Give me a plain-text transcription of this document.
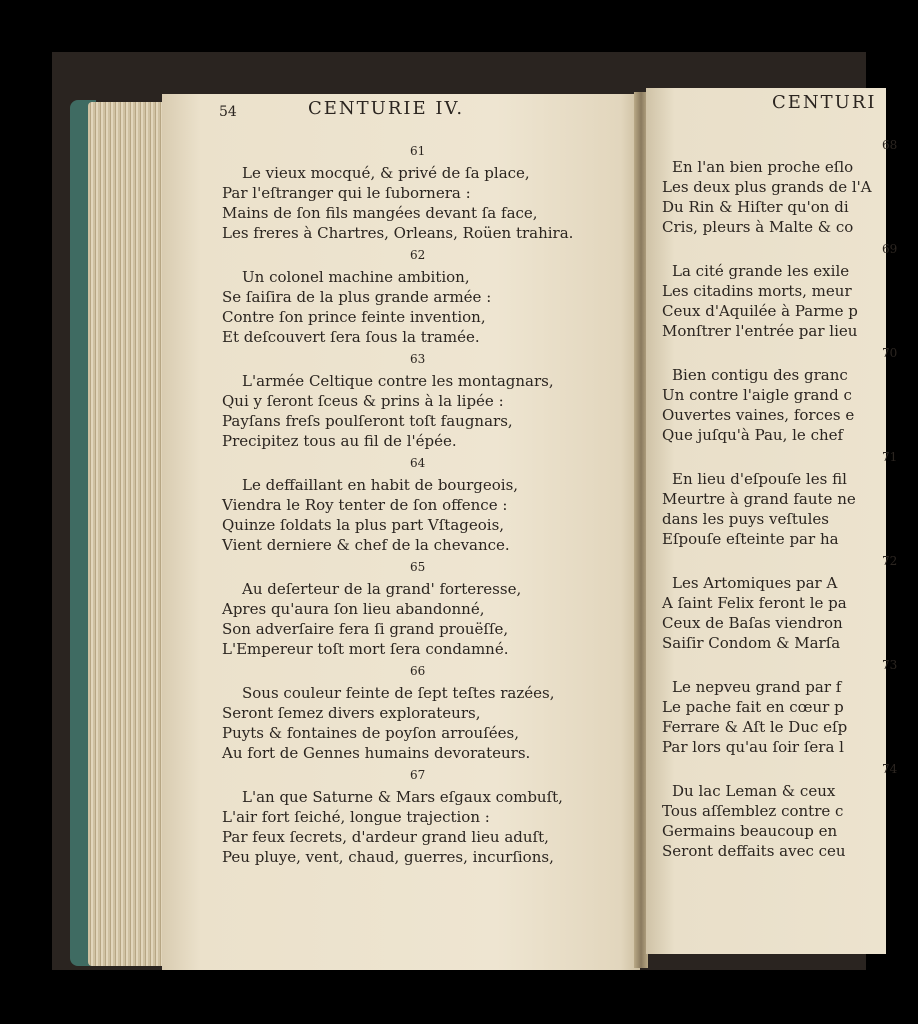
54	CENTURIE IV.
61
Le vieux mocqué, & privé de ſa place,
Par l'eſtranger qui le ſubornera :
Mains de ſon fils mangées devant ſa face,
Les freres à Chartres, Orleans, Roüen trahira.
62
Un colonel machine ambition,
Se ſaiſira de la plus grande armée :
Contre ſon prince feinte invention,
Et deſcouvert ſera ſous la tramée.
63
L'armée Celtique contre les montagnars,
Qui y ſeront ſceus & prins à la lipée :
Payſans freſs poulſeront toſt faugnars,
Precipitez tous au fil de l'épée.
64
Le deffaillant en habit de bourgeois,
Viendra le Roy tenter de ſon offence :
Quinze ſoldats la plus part Vſtageois,
Vient derniere & chef de la chevance.
65
Au deſerteur de la grand' forteresse,
Apres qu'aura ſon lieu abandonné,
Son adverſaire fera ſi grand prouëſſe,
L'Empereur toſt mort ſera condamné.
66
Sous couleur feinte de ſept teſtes razées,
Seront ſemez divers explorateurs,
Puyts & fontaines de poyſon arrouſées,
Au fort de Gennes humains devorateurs.
67
L'an que Saturne & Mars eſgaux combuſt,
L'air fort ſeiché, longue trajection :
Par feux ſecrets, d'ardeur grand lieu aduſt,
Peu pluye, vent, chaud, guerres, incurſions,
CENTURI
68
En l'an bien proche eſlo
Les deux plus grands de l'A
Du Rin & Hiſter qu'on di
Cris, pleurs à Malte & co
69
La cité grande les exile
Les citadins morts, meur
Ceux d'Aquilée à Parme p
Monſtrer l'entrée par lieu
70
Bien contigu des granc
Un contre l'aigle grand c
Ouvertes vaines, forces e
Que juſqu'à Pau, le chef
71
En lieu d'eſpouſe les fil
Meurtre à grand faute ne
dans les puys veſtules
Eſpouſe eſteinte par ha
72
Les Artomiques par A
A ſaint Felix feront le pa
Ceux de Baſas viendron
Saiſir Condom & Marſa
73
Le nepveu grand par f
Le pache fait en cœur p
Ferrare & Aſt le Duc eſp
Par lors qu'au ſoir ſera l
74
Du lac Leman & ceux
Tous aſſemblez contre c
Germains beaucoup en
Seront deffaits avec ceu
